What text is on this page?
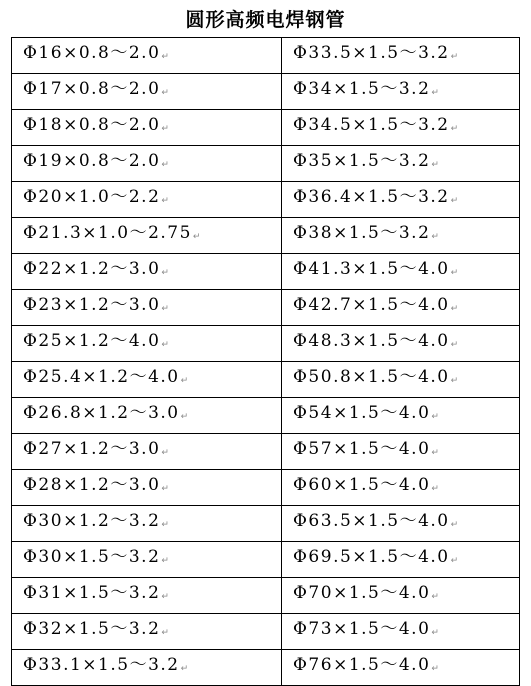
圆形高频电焊钢管
Φ16×0.8～2.0↵	Φ33.5×1.5～3.2↵
Φ17×0.8～2.0↵	Φ34×1.5～3.2↵
Φ18×0.8～2.0↵	Φ34.5×1.5～3.2↵
Φ19×0.8～2.0↵	Φ35×1.5～3.2↵
Φ20×1.0～2.2↵	Φ36.4×1.5～3.2↵
Φ21.3×1.0～2.75↵	Φ38×1.5～3.2↵
Φ22×1.2～3.0↵	Φ41.3×1.5～4.0↵
Φ23×1.2～3.0↵	Φ42.7×1.5～4.0↵
Φ25×1.2～4.0↵	Φ48.3×1.5～4.0↵
Φ25.4×1.2～4.0↵	Φ50.8×1.5～4.0↵
Φ26.8×1.2～3.0↵	Φ54×1.5～4.0↵
Φ27×1.2～3.0↵	Φ57×1.5～4.0↵
Φ28×1.2～3.0↵	Φ60×1.5～4.0↵
Φ30×1.2～3.2↵	Φ63.5×1.5～4.0↵
Φ30×1.5～3.2↵	Φ69.5×1.5～4.0↵
Φ31×1.5～3.2↵	Φ70×1.5～4.0↵
Φ32×1.5～3.2↵	Φ73×1.5～4.0↵
Φ33.1×1.5～3.2↵	Φ76×1.5～4.0↵
